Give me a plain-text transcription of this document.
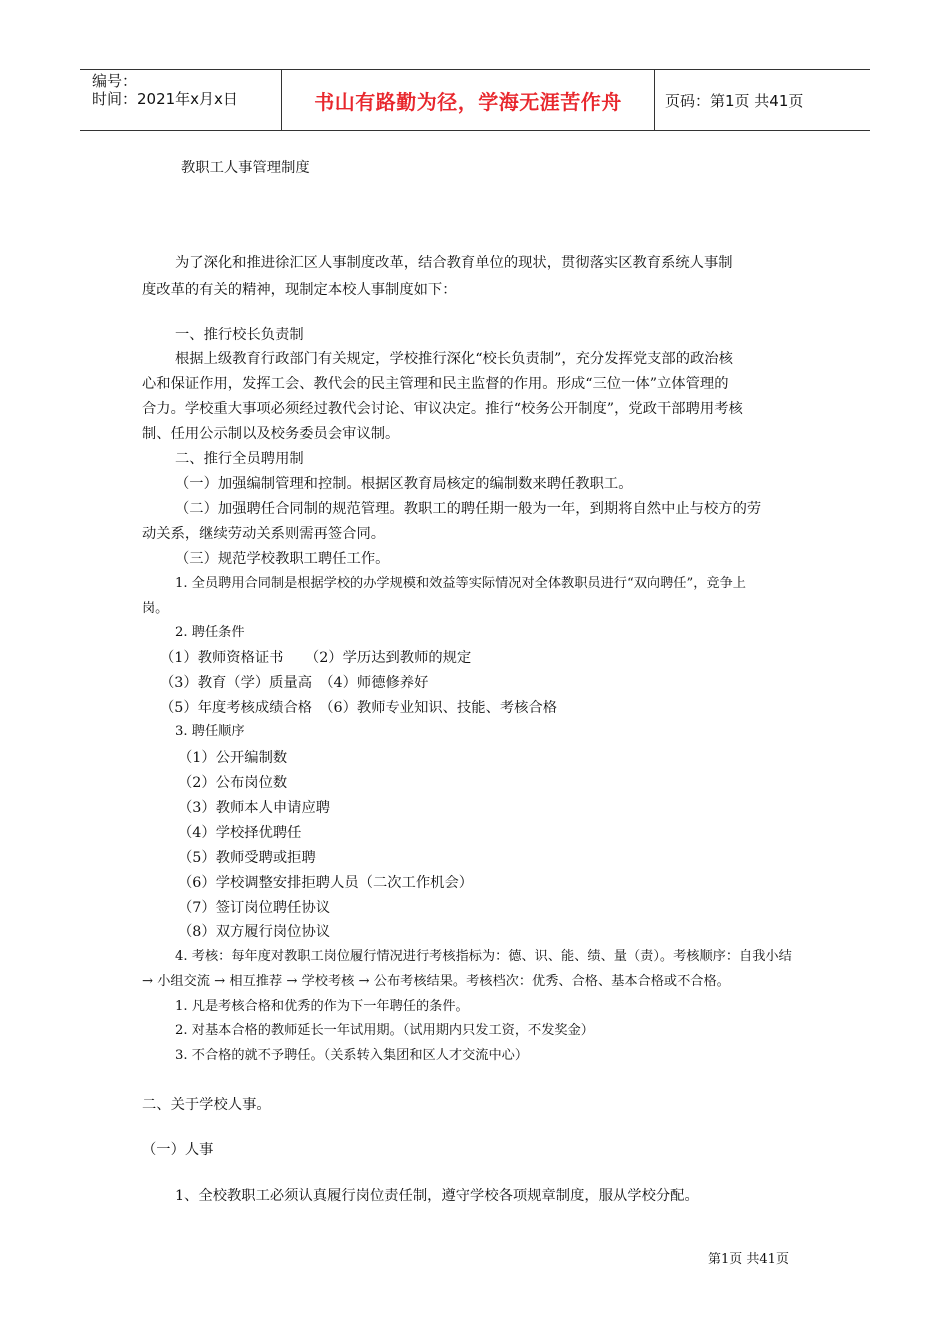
编号：
时间：2021年x月x日	书山有路勤为径，学海无涯苦作舟	页码：第1页 共41页
教职工人事管理制度
为了深化和推进徐汇区人事制度改革，结合教育单位的现状，贯彻落实区教育系统人事制
度改革的有关的精神，现制定本校人事制度如下：
一、推行校长负责制
根据上级教育行政部门有关规定，学校推行深化“校长负责制”，充分发挥党支部的政治核
心和保证作用，发挥工会、教代会的民主管理和民主监督的作用。形成“三位一体”立体管理的
合力。学校重大事项必须经过教代会讨论、审议决定。推行“校务公开制度”，党政干部聘用考核
制、任用公示制以及校务委员会审议制。
二、推行全员聘用制
（一）加强编制管理和控制。根据区教育局核定的编制数来聘任教职工。
（二）加强聘任合同制的规范管理。教职工的聘任期一般为一年，到期将自然中止与校方的劳
动关系，继续劳动关系则需再签合同。
（三）规范学校教职工聘任工作。
1. 全员聘用合同制是根据学校的办学规模和效益等实际情况对全体教职员进行“双向聘任”，竞争上
岗。
2. 聘任条件
（1）教师资格证书　　（2）学历达到教师的规定
（3）教育（学）质量高　（4）师德修养好
（5）年度考核成绩合格　（6）教师专业知识、技能、考核合格
3. 聘任顺序
（1）公开编制数
（2）公布岗位数
（3）教师本人申请应聘
（4）学校择优聘任
（5）教师受聘或拒聘
（6）学校调整安排拒聘人员（二次工作机会）
（7）签订岗位聘任协议
（8）双方履行岗位协议
4. 考核：每年度对教职工岗位履行情况进行考核指标为：德、识、能、绩、量（责）。考核顺序：自我小结
→ 小组交流 → 相互推荐 → 学校考核 → 公布考核结果。考核档次：优秀、合格、基本合格或不合格。
1. 凡是考核合格和优秀的作为下一年聘任的条件。
2. 对基本合格的教师延长一年试用期。（试用期内只发工资，不发奖金）
3. 不合格的就不予聘任。（关系转入集团和区人才交流中心）
二、关于学校人事。
（一）人事
1、全校教职工必须认真履行岗位责任制，遵守学校各项规章制度，服从学校分配。
第1页 共41页
